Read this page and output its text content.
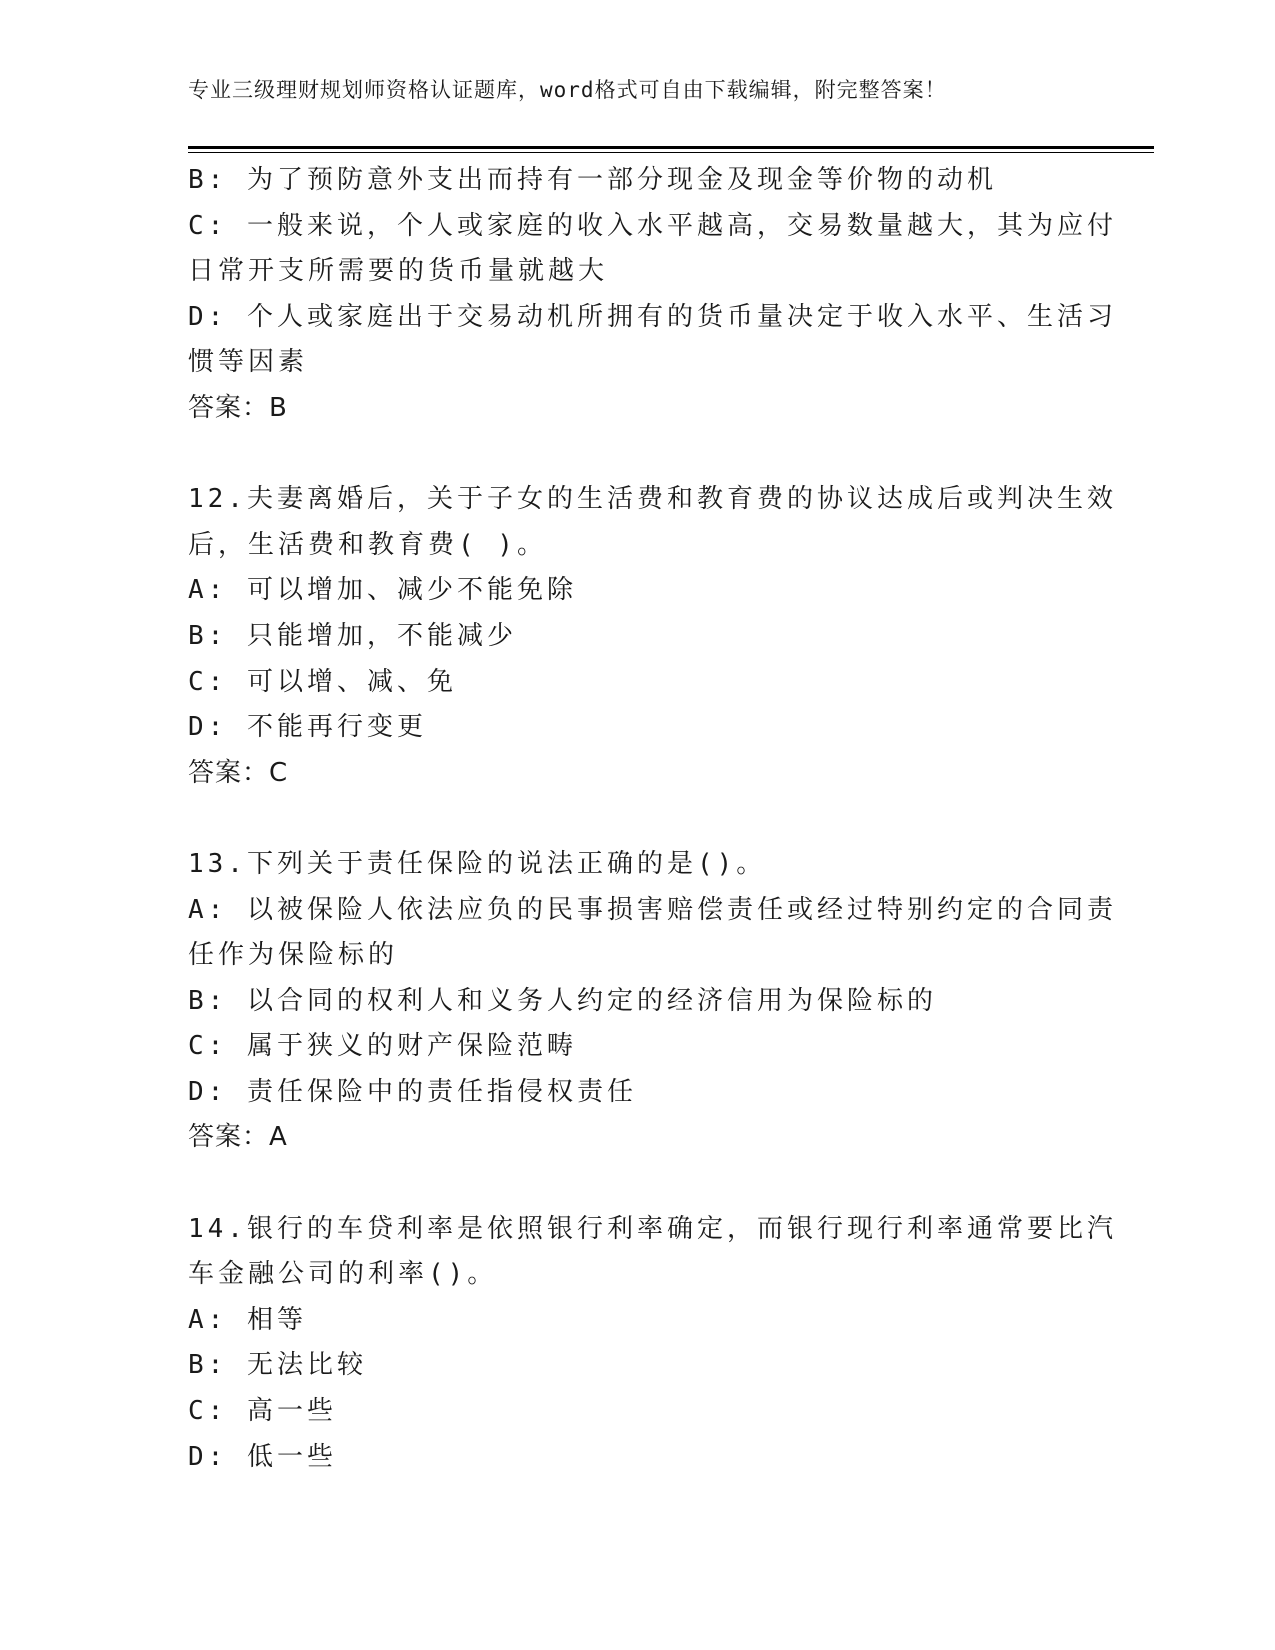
专业三级理财规划师资格认证题库，word格式可自由下载编辑，附完整答案！
B: 为了预防意外支出而持有一部分现金及现金等价物的动机
C: 一般来说，个人或家庭的收入水平越高，交易数量越大，其为应付
日常开支所需要的货币量就越大
D: 个人或家庭出于交易动机所拥有的货币量决定于收入水平、生活习
惯等因素
答案：B
12.夫妻离婚后，关于子女的生活费和教育费的协议达成后或判决生效
后，生活费和教育费( )。
A: 可以增加、减少不能免除
B: 只能增加，不能减少
C: 可以增、减、免
D: 不能再行变更
答案：C
13.下列关于责任保险的说法正确的是()。
A: 以被保险人依法应负的民事损害赔偿责任或经过特别约定的合同责
任作为保险标的
B: 以合同的权利人和义务人约定的经济信用为保险标的
C: 属于狭义的财产保险范畴
D: 责任保险中的责任指侵权责任
答案：A
14.银行的车贷利率是依照银行利率确定，而银行现行利率通常要比汽
车金融公司的利率()。
A: 相等
B: 无法比较
C: 高一些
D: 低一些
